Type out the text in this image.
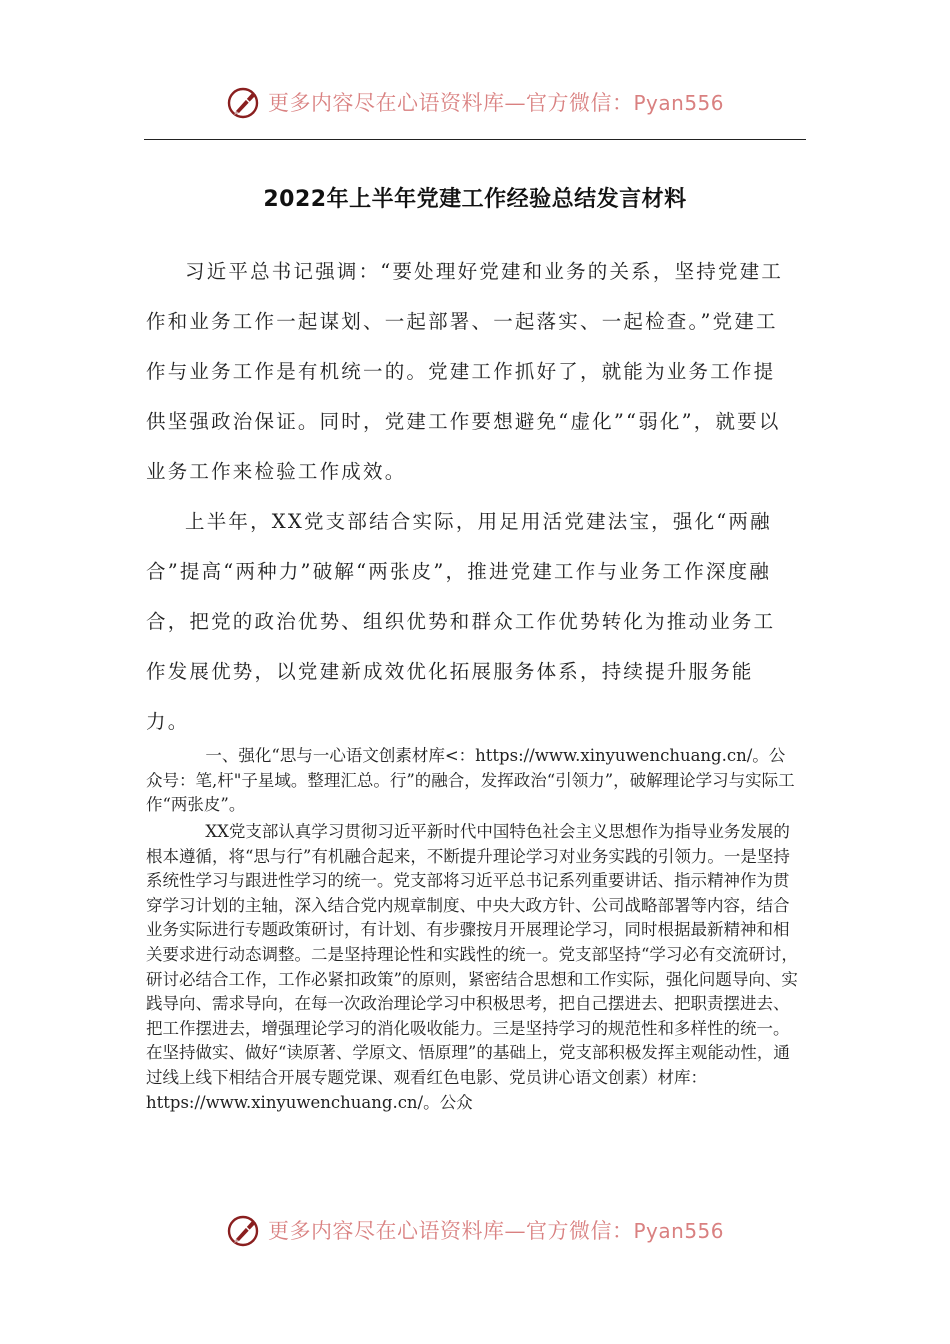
更多内容尽在心语资料库—官方微信：Pyan556
2022年上半年党建工作经验总结发言材料

习近平总书记强调：“要处理好党建和业务的关系，坚持党建工作和业务工作一起谋划、一起部署、一起落实、一起检查。”党建工作与业务工作是有机统一的。党建工作抓好了，就能为业务工作提供坚强政治保证。同时，党建工作要想避免“虚化”“弱化”，就要以业务工作来检验工作成效。

上半年，XX党支部结合实际，用足用活党建法宝，强化“两融合”提高“两种力”破解“两张皮”，推进党建工作与业务工作深度融合，把党的政治优势、组织优势和群众工作优势转化为推动业务工作发展优势，以党建新成效优化拓展服务体系，持续提升服务能力。

一、强化“思与一心语文创素材库<：https://www.xinyuwenchuang.cn/。公众号：笔,杆"子星域。整理汇总。行”的融合，发挥政治“引领力”，破解理论学习与实际工作“两张皮”。

XX党支部认真学习贯彻习近平新时代中国特色社会主义思想作为指导业务发展的根本遵循，将“思与行”有机融合起来，不断提升理论学习对业务实践的引领力。一是坚持系统性学习与跟进性学习的统一。党支部将习近平总书记系列重要讲话、指示精神作为贯穿学习计划的主轴，深入结合党内规章制度、中央大政方针、公司战略部署等内容，结合业务实际进行专题政策研讨，有计划、有步骤按月开展理论学习，同时根据最新精神和相关要求进行动态调整。二是坚持理论性和实践性的统一。党支部坚持“学习必有交流研讨，研讨必结合工作，工作必紧扣政策”的原则，紧密结合思想和工作实际，强化问题导向、实践导向、需求导向，在每一次政治理论学习中积极思考，把自己摆进去、把职责摆进去、把工作摆进去，增强理论学习的消化吸收能力。三是坚持学习的规范性和多样性的统一。在坚持做实、做好“读原著、学原文、悟原理”的基础上，党支部积极发挥主观能动性，通过线上线下相结合开展专题党课、观看红色电影、党员讲心语文创素）材库：https://www.xinyuwenchuang.cn/。公众

更多内容尽在心语资料库—官方微信：Pyan556
